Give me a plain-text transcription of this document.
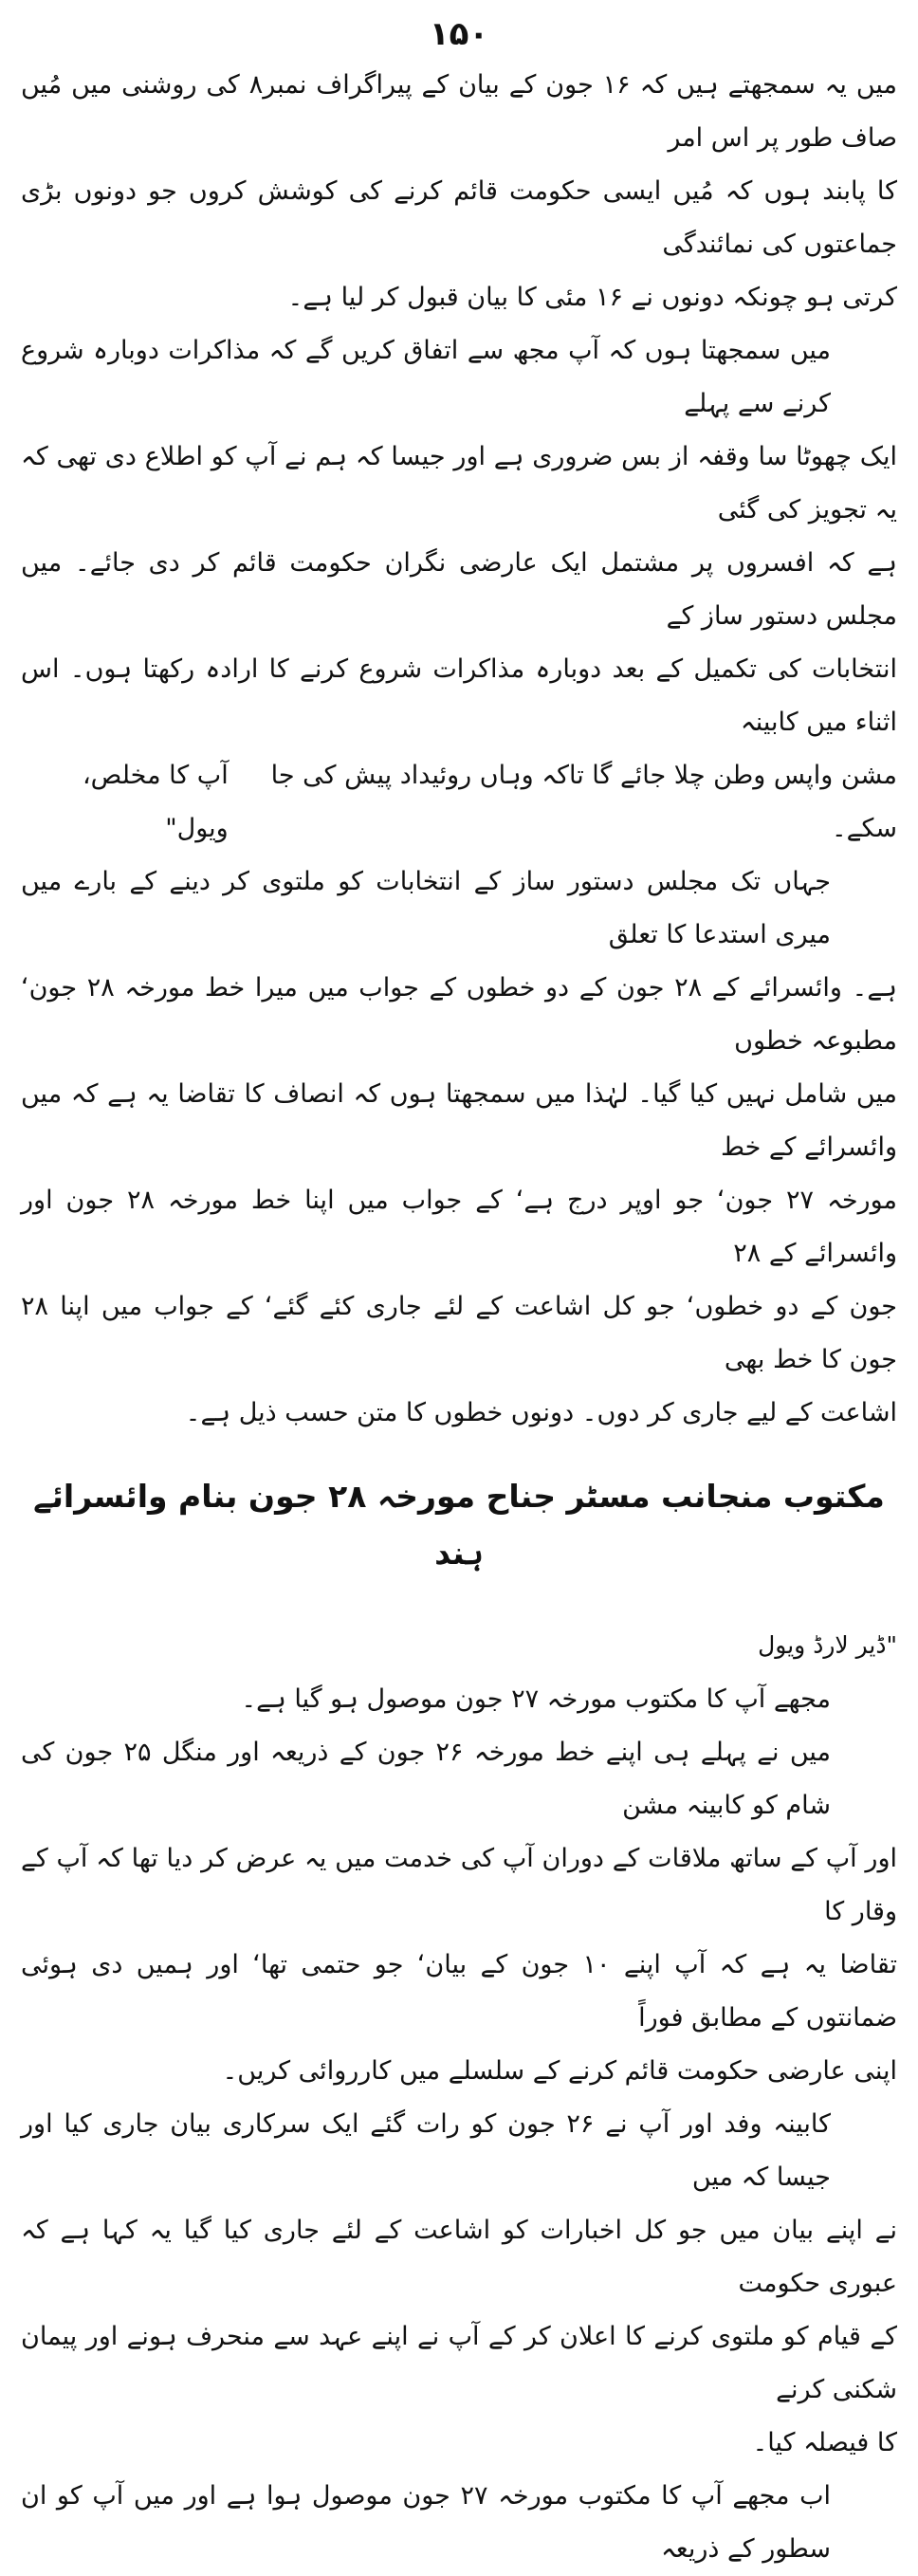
۱۵۰

میں یہ سمجھتے ہیں کہ ۱۶ جون کے بیان کے پیراگراف نمبر۸ کی روشنی میں مُیں صاف طور پر اس امر
کا پابند ہوں کہ مُیں ایسی حکومت قائم کرنے کی کوشش کروں جو دونوں بڑی جماعتوں کی نمائندگی
کرتی ہو چونکہ دونوں نے ۱۶ مئی کا بیان قبول کر لیا ہے۔

میں سمجھتا ہوں کہ آپ مجھ سے اتفاق کریں گے کہ مذاکرات دوبارہ شروع کرنے سے پہلے
ایک چھوٹا سا وقفہ از بس ضروری ہے اور جیسا کہ ہم نے آپ کو اطلاع دی تھی کہ یہ تجویز کی گئی
ہے کہ افسروں پر مشتمل ایک عارضی نگران حکومت قائم کر دی جائے۔ میں مجلس دستور ساز کے
انتخابات کی تکمیل کے بعد دوبارہ مذاکرات شروع کرنے کا ارادہ رکھتا ہوں۔ اس اثناء میں کابینہ

مشن واپس وطن چلا جائے گا تاکہ وہاں روئیداد پیش کی جا سکے۔
آپ کا مخلص، ویول"

جہاں تک مجلس دستور ساز کے انتخابات کو ملتوی کر دینے کے بارے میں میری استدعا کا تعلق
ہے۔ وائسرائے کے ۲۸ جون کے دو خطوں کے جواب میں میرا خط مورخہ ۲۸ جون‘ مطبوعہ خطوں
میں شامل نہیں کیا گیا۔ لہٰذا میں سمجھتا ہوں کہ انصاف کا تقاضا یہ ہے کہ میں وائسرائے کے خط
مورخہ ۲۷ جون‘ جو اوپر درج ہے‘ کے جواب میں اپنا خط مورخہ ۲۸ جون اور وائسرائے کے ۲۸
جون کے دو خطوں‘ جو کل اشاعت کے لئے جاری کئے گئے‘ کے جواب میں اپنا ۲۸ جون کا خط بھی
اشاعت کے لیے جاری کر دوں۔ دونوں خطوں کا متن حسب ذیل ہے۔

مکتوب منجانب مسٹر جناح مورخہ ۲۸ جون بنام وائسرائے ہند
"ڈیر لارڈ ویول

مجھے آپ کا مکتوب مورخہ ۲۷ جون موصول ہو گیا ہے۔

میں نے پہلے ہی اپنے خط مورخہ ۲۶ جون کے ذریعہ اور منگل ۲۵ جون کی شام کو کابینہ مشن
اور آپ کے ساتھ ملاقات کے دوران آپ کی خدمت میں یہ عرض کر دیا تھا کہ آپ کے وقار کا
تقاضا یہ ہے کہ آپ اپنے ۱۰ جون کے بیان‘ جو حتمی تھا‘ اور ہمیں دی ہوئی ضمانتوں کے مطابق فوراً
اپنی عارضی حکومت قائم کرنے کے سلسلے میں کارروائی کریں۔

کابینہ وفد اور آپ نے ۲۶ جون کو رات گئے ایک سرکاری بیان جاری کیا اور جیسا کہ میں
نے اپنے بیان میں جو کل اخبارات کو اشاعت کے لئے جاری کیا گیا یہ کہا ہے کہ عبوری حکومت
کے قیام کو ملتوی کرنے کا اعلان کر کے آپ نے اپنے عہد سے منحرف ہونے اور پیمان شکنی کرنے
کا فیصلہ کیا۔

اب مجھے آپ کا مکتوب مورخہ ۲۷ جون موصول ہوا ہے اور میں آپ کو ان سطور کے ذریعہ
